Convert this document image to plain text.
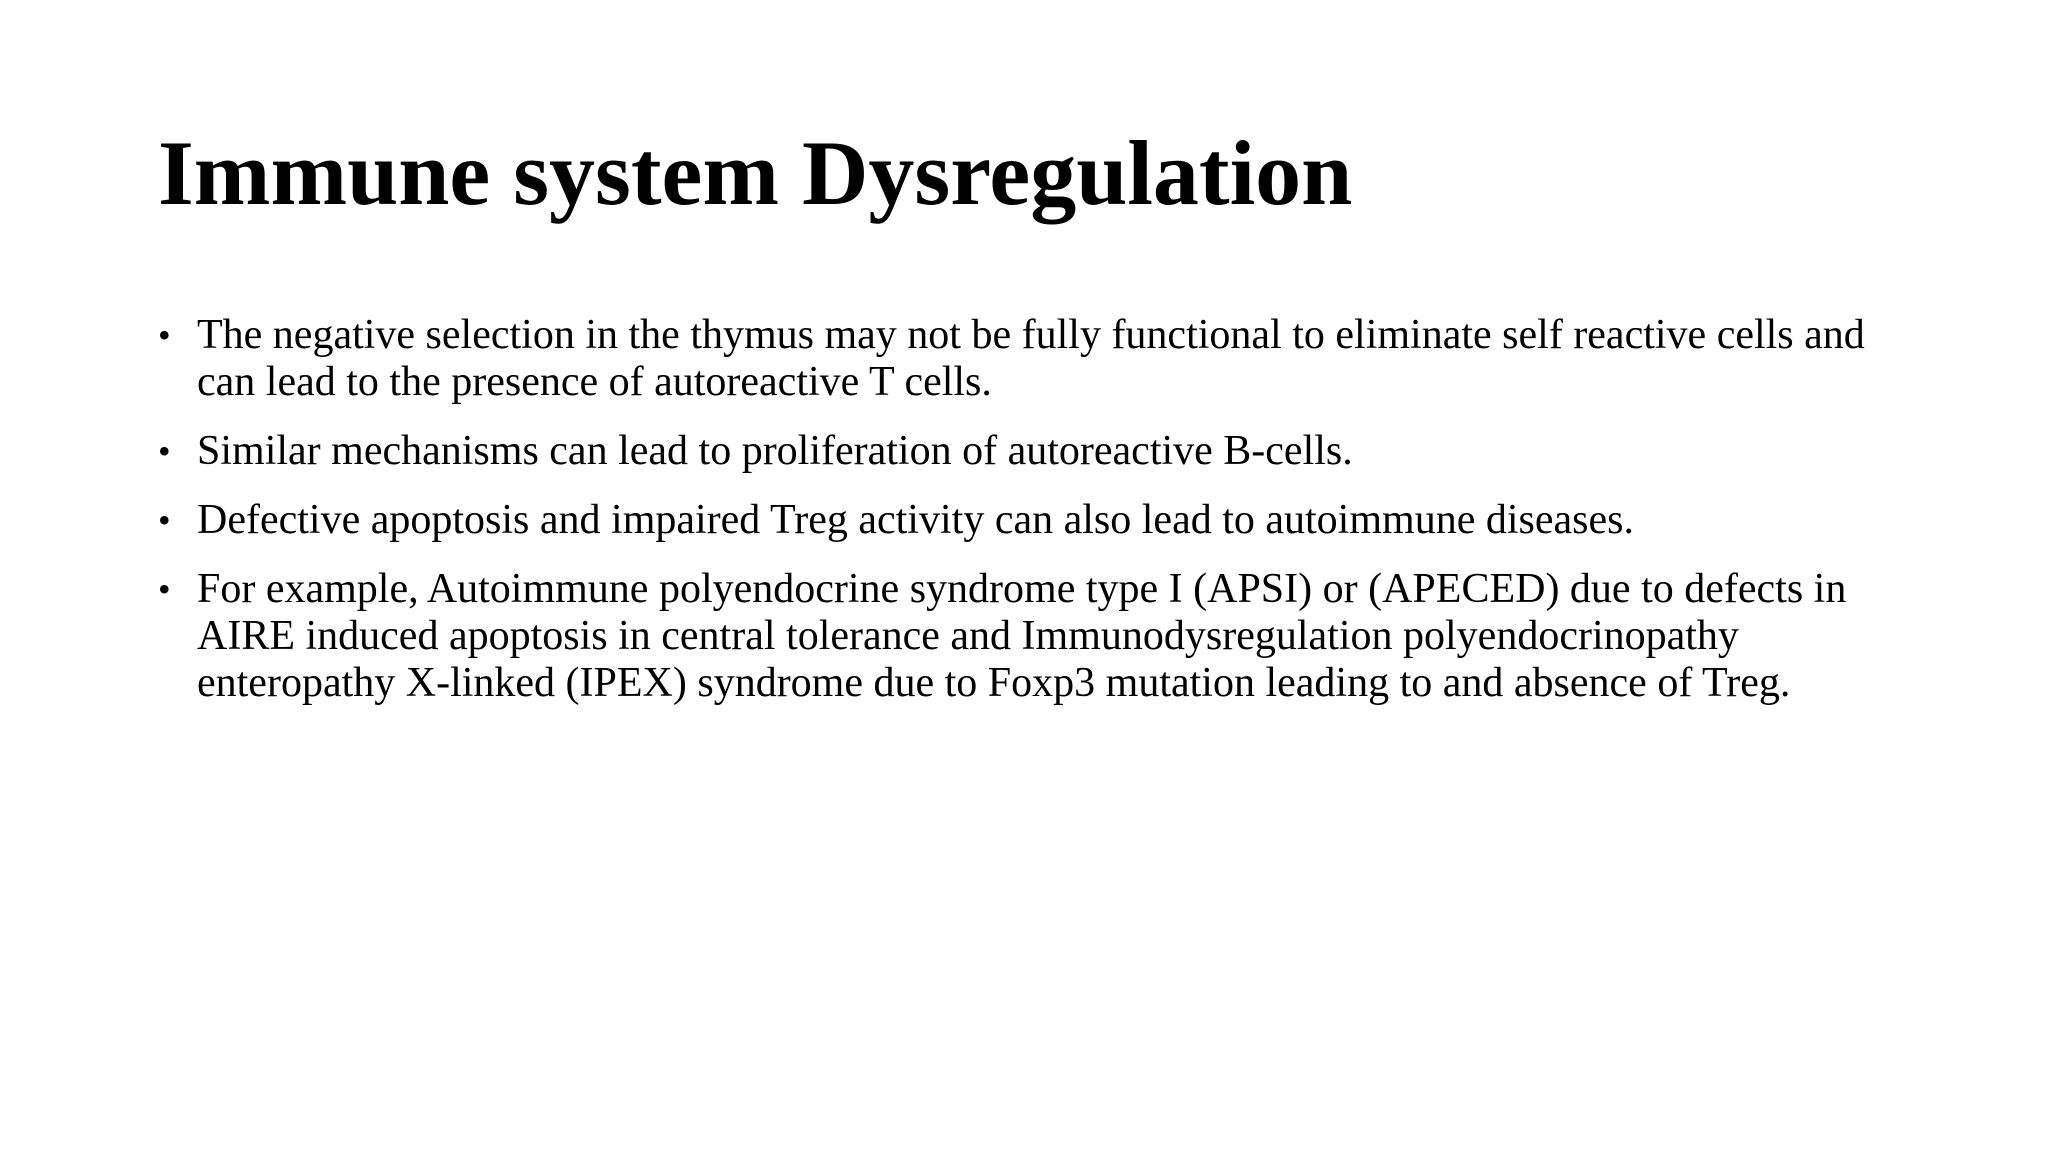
Immune system Dysregulation
• The negative selection in the thymus may not be fully functional to eliminate self reactive cells and can lead to the presence of autoreactive T cells.
• Similar mechanisms can lead to proliferation of autoreactive B-cells.
• Defective apoptosis and impaired Treg activity can also lead to autoimmune diseases.
• For example, Autoimmune polyendocrine syndrome type I (APSI) or (APECED) due to defects in AIRE induced apoptosis in central tolerance and Immunodysregulation polyendocrinopathy enteropathy X-linked (IPEX) syndrome due to Foxp3 mutation leading to and absence of Treg.
